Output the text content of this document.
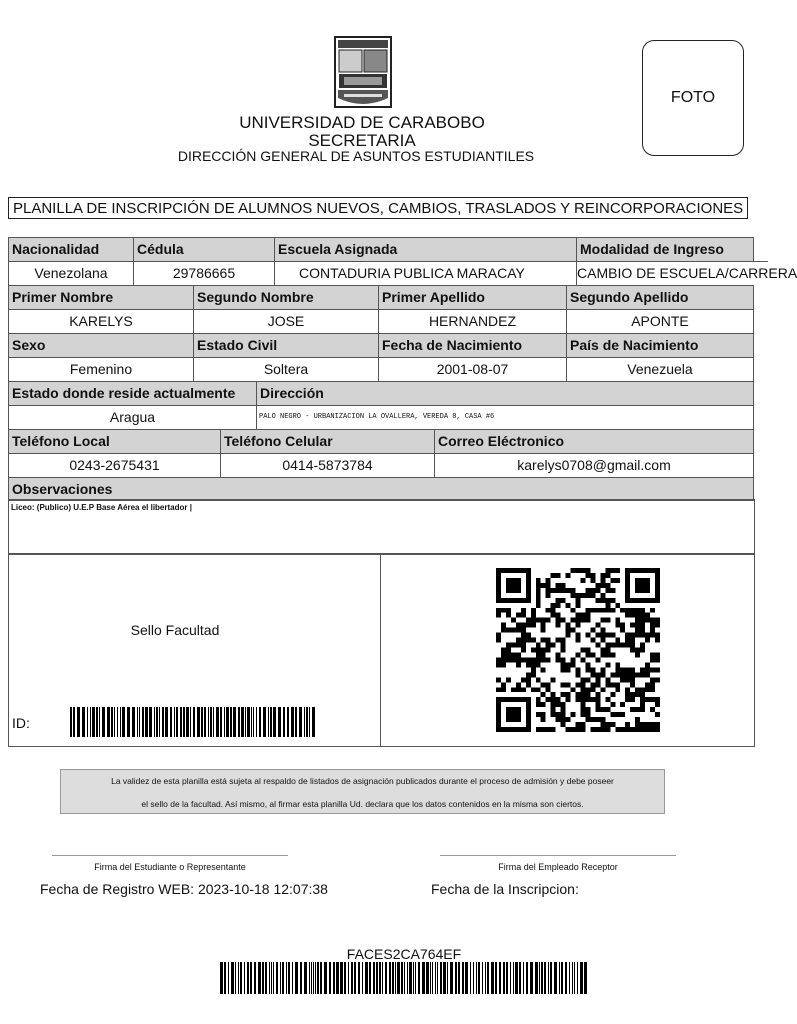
UNIVERSIDAD DE CARABOBO
SECRETARIA
DIRECCIÓN GENERAL DE ASUNTOS ESTUDIANTILES
FOTO
PLANILLA DE INSCRIPCIÓN DE ALUMNOS NUEVOS, CAMBIOS, TRASLADOS Y REINCORPORACIONES
Nacionalidad	Cédula	Escuela Asignada	Modalidad de Ingreso
Venezolana	29786665	CONTADURIA PUBLICA MARACAY	CAMBIO DE ESCUELA/CARRERA
Primer Nombre	Segundo Nombre	Primer Apellido	Segundo Apellido
KARELYS	JOSE	HERNANDEZ	APONTE
Sexo	Estado Civil	Fecha de Nacimiento	País de Nacimiento
Femenino	Soltera	2001-08-07	Venezuela
Estado donde reside actualmente	Dirección
Aragua	PALO NEGRO - URBANIZACION LA OVALLERA, VEREDA 8, CASA #6
Teléfono Local	Teléfono Celular	Correo Eléctronico
0243-2675431	0414-5873784	karelys0708@gmail.com
Observaciones
Liceo: (Publico) U.E.P Base Aérea el libertador |
Sello Facultad
ID:
La validez de esta planilla está sujeta al respaldo de listados de asignación publicados durante el proceso de admisión y debe poseer
el sello de la facultad. Así mismo, al firmar esta planilla Ud. declara que los datos contenidos en la misma son ciertos.
Firma del Estudiante o Representante	Firma del Empleado Receptor
Fecha de Registro WEB: 2023-10-18 12:07:38	Fecha de la Inscripcion:
FACES2CA764EF
